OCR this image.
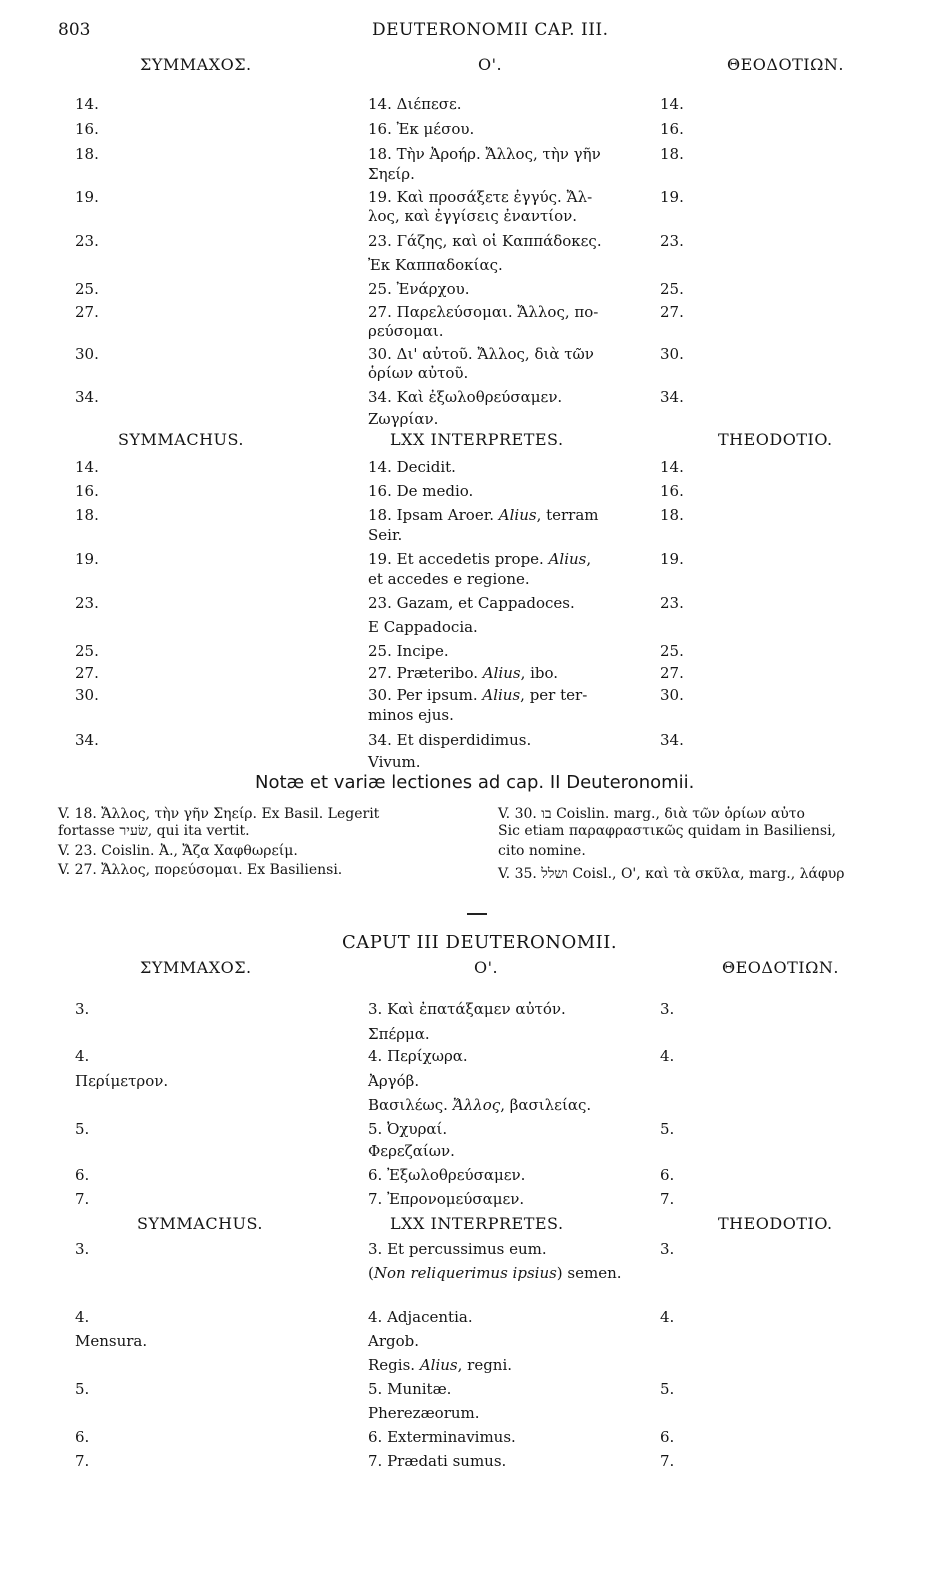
803	DEUTERONOMII CAP. III.
ΣΥΜΜΑΧΟΣ.	Ο'.	ΘΕΟΔΟΤΙΩΝ.
14.	14. Διέπεσε.	14.
16.	16. Ἐκ μέσου.	16.
18.	18. Τὴν Ἀροήρ. Ἄλλος, τὴν γῆν	18.
Σηείρ.
19.	19. Καὶ προσάξετε ἐγγύς. Ἄλ-	19.
λος, καὶ ἐγγίσεις ἐναντίον.
23.	23. Γάζης, καὶ οἱ Καππάδοκες.	23.
Ἐκ Καππαδοκίας.
25.	25. Ἐνάρχου.	25.
27.	27. Παρελεύσομαι. Ἄλλος, πο-	27.
ρεύσομαι.
30.	30. Δι' αὐτοῦ. Ἄλλος, διὰ τῶν	30.
ὁρίων αὐτοῦ.
34.	34. Καὶ ἐξωλοθρεύσαμεν.	34.
Ζωγρίαν.
SYMMACHUS.	LXX INTERPRETES.	THEODOTIO.
14.	14. Decidit.	14.
16.	16. De medio.	16.
18.	18. Ipsam Aroer. Alius, terram	18.
Seir.
19.	19. Et accedetis prope. Alius,	19.
et accedes e regione.
23.	23. Gazam, et Cappadoces.	23.
E Cappadocia.
25.	25. Incipe.	25.
27.	27. Præteribo. Alius, ibo.	27.
30.	30. Per ipsum. Alius, per ter-	30.
minos ejus.
34.	34. Et disperdidimus.	34.
Vivum.
Notæ et variæ lectiones ad cap. II Deuteronomii.
V. 18. Ἄλλος, τὴν γῆν Σηείρ. Ex Basil. Legerit
fortasse שׂעיר, qui ita vertit.
V. 23. Coislin. Ἀ., Ἄζα Χαφθωρείμ.
V. 27. Ἄλλος, πορεύσομαι. Ex Basiliensi.
V. 30. בו Coislin. marg., διὰ τῶν ὁρίων αὐτο
Sic etiam παραφραστικῶς quidam in Basiliensi,
cito nomine.
V. 35. ושלל Coisl., Ο', καὶ τὰ σκῦλα, marg., λάφυρ
CAPUT III DEUTERONOMII.
ΣΥΜΜΑΧΟΣ.	Ο'.	ΘΕΟΔΟΤΙΩΝ.
3.	3. Καὶ ἐπατάξαμεν αὐτόν.	3.
Σπέρμα.
4.	4. Περίχωρα.	4.
Περίμετρον.	Ἀργόβ.
Βασιλέως. Ἄλλος, βασιλείας.
5.	5. Ὀχυραί.	5.
Φερεζαίων.
6.	6. Ἐξωλοθρεύσαμεν.	6.
7.	7. Ἐπρονομεύσαμεν.	7.
SYMMACHUS.	LXX INTERPRETES.	THEODOTIO.
3.	3. Et percussimus eum.	3.
(Non reliquerimus ipsius) semen.
4.	4. Adjacentia.	4.
Mensura.	Argob.
Regis. Alius, regni.
5.	5. Munitæ.	5.
Pherezæorum.
6.	6. Exterminavimus.	6.
7.	7. Prædati sumus.	7.
